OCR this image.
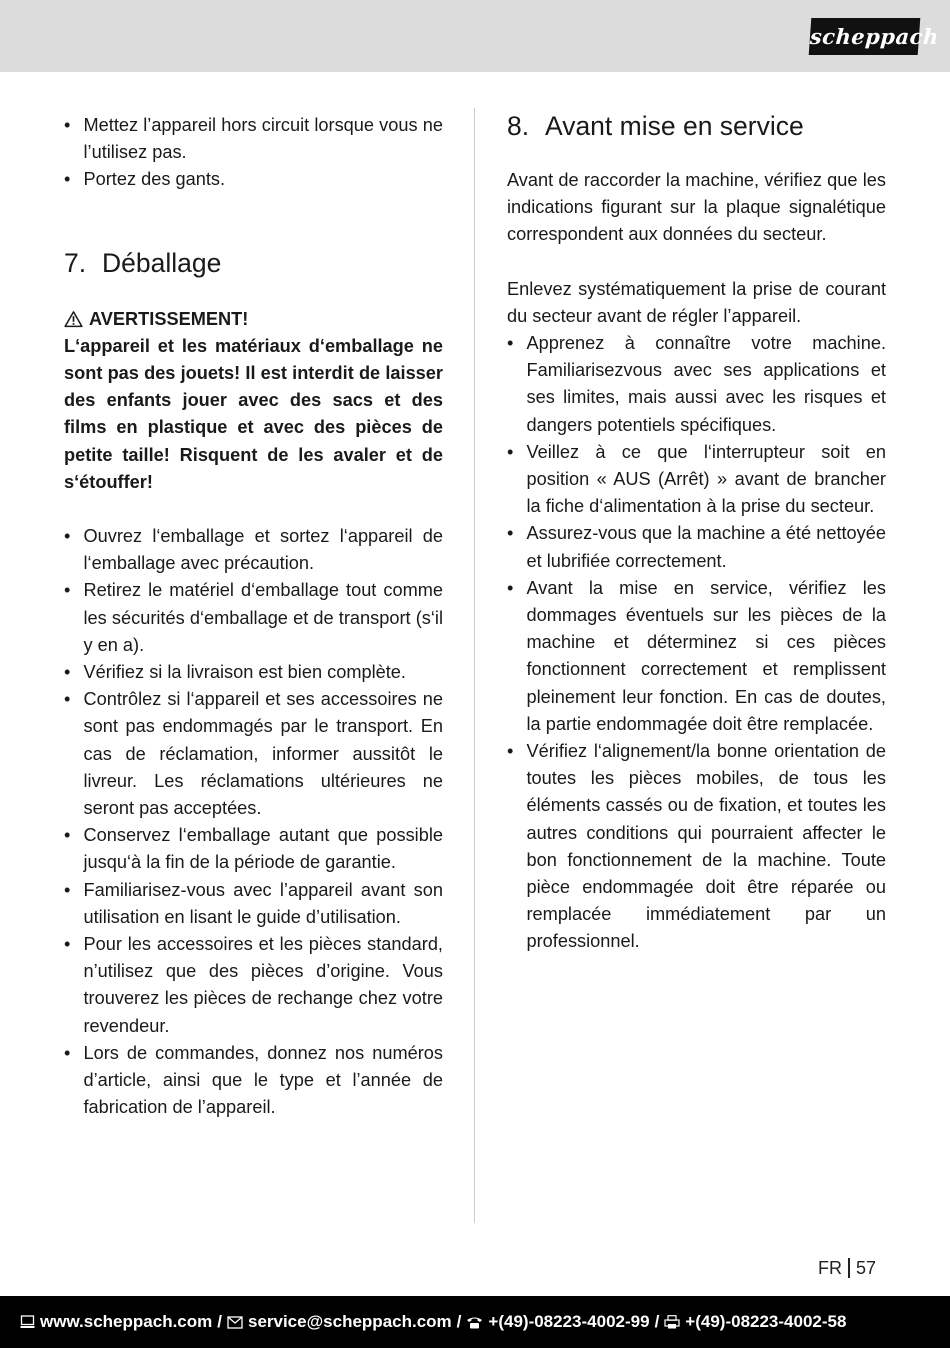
scheppach
• Mettez l’appareil hors circuit lorsque vous ne l’utilisez pas.
• Portez des gants.
7. Déballage
AVERTISSEMENT!
L‘appareil et les matériaux d‘emballage ne sont pas des jouets! Il est interdit de laisser des enfants jouer avec des sacs et des films en plastique et avec des pièces de petite taille! Risquent de les avaler et de s‘étouffer!
• Ouvrez l‘emballage et sortez l‘appareil de l‘emballage avec précaution.
• Retirez le matériel d‘emballage tout comme les sécurités d‘emballage et de transport (s‘il y en a).
• Vérifiez si la livraison est bien complète.
• Contrôlez si l‘appareil et ses accessoires ne sont pas endommagés par le transport. En cas de réclamation, informer aussitôt le livreur. Les réclamations ultérieures ne seront pas acceptées.
• Conservez l‘emballage autant que possible jusqu‘à la fin de la période de garantie.
• Familiarisez-vous avec l’appareil avant son utilisation en lisant le guide d’utilisation.
• Pour les accessoires et les pièces standard, n’utilisez que des pièces d’origine. Vous trouverez les pièces de rechange chez votre revendeur.
• Lors de commandes, donnez nos numéros d’article, ainsi que le type et l’année de fabrication de l’appareil.
8. Avant mise en service

Avant de raccorder la machine, vérifiez que les indications figurant sur la plaque signalétique correspondent aux données du secteur.

Enlevez systématiquement la prise de courant du secteur avant de régler l’appareil.

• Apprenez à connaître votre machine. Familiarisezvous avec ses applications et ses limites, mais aussi avec les risques et dangers potentiels spécifiques.
• Veillez à ce que l‘interrupteur soit en position « AUS (Arrêt) » avant de brancher la fiche d‘alimentation à la prise du secteur.
• Assurez-vous que la machine a été nettoyée et lubrifiée correctement.
• Avant la mise en service, vérifiez les dommages éventuels sur les pièces de la machine et déterminez si ces pièces fonctionnent correctement et remplissent pleinement leur fonction. En cas de doutes, la partie endommagée doit être remplacée.
• Vérifiez l‘alignement/la bonne orientation de toutes les pièces mobiles, de tous les éléments cassés ou de fixation, et toutes les autres conditions qui pourraient affecter le bon fonctionnement de la machine. Toute pièce endommagée doit être réparée ou remplacée immédiatement par un professionnel.
FR 57
www.scheppach.com / service@scheppach.com / +(49)-08223-4002-99 / +(49)-08223-4002-58
